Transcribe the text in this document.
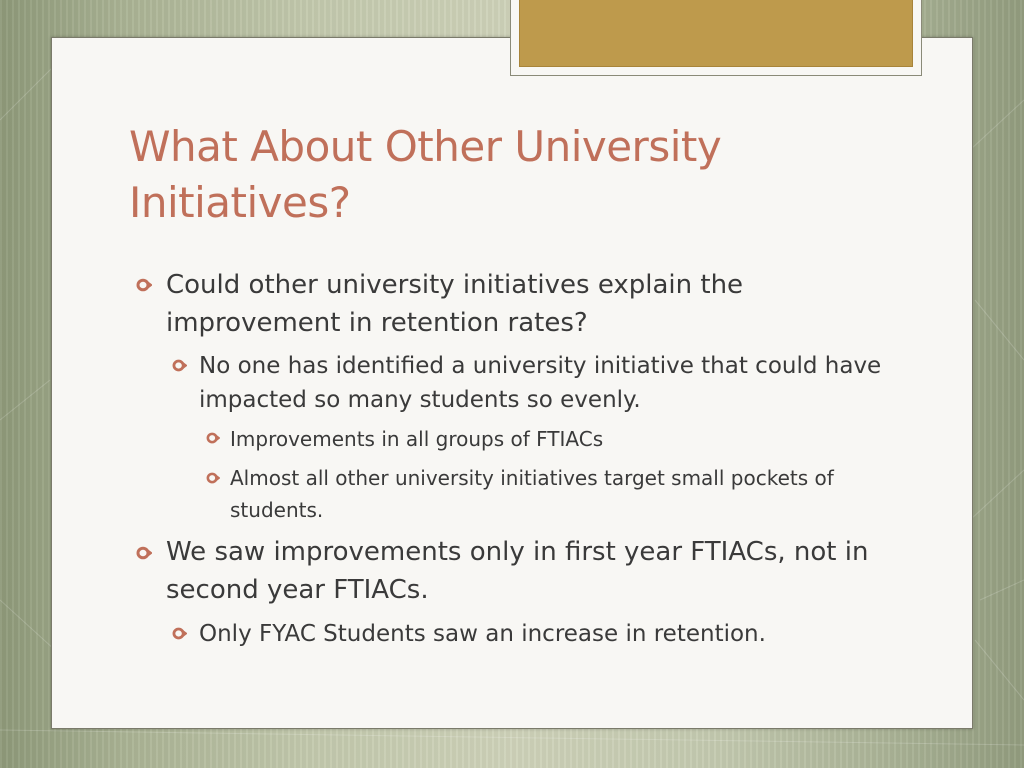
What About Other University Initiatives?
Could other university initiatives explain the improvement in retention rates?
No one has identified a university initiative that could have impacted so many students so evenly.
Improvements in all groups of FTIACs
Almost all other university initiatives target small pockets of students.
We saw improvements only in first year FTIACs, not in second year FTIACs.
Only FYAC Students saw an increase in retention.
